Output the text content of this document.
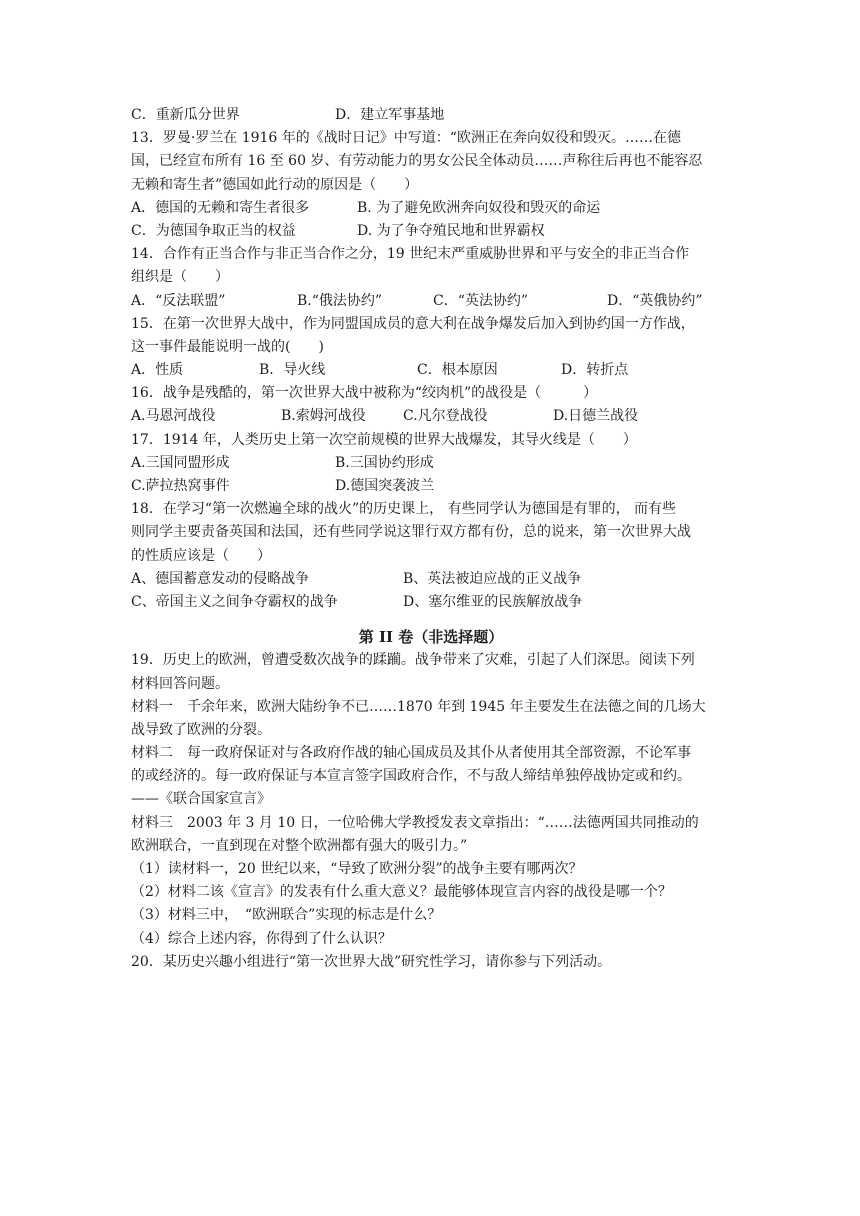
C．重新瓜分世界	D．建立军事基地
13．罗曼·罗兰在 1916 年的《战时日记》中写道：“欧洲正在奔向奴役和毁灭。……在德
国，已经宣布所有 16 至 60 岁、有劳动能力的男女公民全体动员……声称往后再也不能容忍
无赖和寄生者”德国如此行动的原因是（　　）
A．德国的无赖和寄生者很多	B. 为了避免欧洲奔向奴役和毁灭的命运
C．为德国争取正当的权益	D. 为了争夺殖民地和世界霸权
14．合作有正当合作与非正当合作之分，19 世纪末严重威胁世界和平与安全的非正当合作
组织是（　　）
A．“反法联盟”	B.“俄法协约”	C．“英法协约”	D．“英俄协约”
15．在第一次世界大战中，作为同盟国成员的意大利在战争爆发后加入到协约国一方作战，
这一事件最能说明一战的(　　)
A．性质	B．导火线	C．根本原因	D．转折点
16．战争是残酷的，第一次世界大战中被称为“绞肉机”的战役是（　　　）
A.马恩河战役	B.索姆河战役	C.凡尔登战役	D.日德兰战役
17．1914 年，人类历史上第一次空前规模的世界大战爆发，其导火线是（　　）
A.三国同盟形成	B.三国协约形成
C.萨拉热窝事件	D.德国突袭波兰
18．在学习“第一次燃遍全球的战火”的历史课上， 有些同学认为德国是有罪的， 而有些
则同学主要责备英国和法国，还有些同学说这罪行双方都有份，总的说来，第一次世界大战
的性质应该是（　　）
A、德国蓄意发动的侵略战争	B、英法被迫应战的正义战争
C、帝国主义之间争夺霸权的战争	D、塞尔维亚的民族解放战争
第 II 卷（非选择题）
19．历史上的欧洲，曾遭受数次战争的蹂躏。战争带来了灾难，引起了人们深思。阅读下列
材料回答问题。
材料一　千余年来，欧洲大陆纷争不已……1870 年到 1945 年主要发生在法德之间的几场大
战导致了欧洲的分裂。
材料二　每一政府保证对与各政府作战的轴心国成员及其仆从者使用其全部资源，不论军事
的或经济的。每一政府保证与本宣言签字国政府合作，不与敌人缔结单独停战协定或和约。
——《联合国家宣言》
材料三　2003 年 3 月 10 日，一位哈佛大学教授发表文章指出：“……法德两国共同推动的
欧洲联合，一直到现在对整个欧洲都有强大的吸引力。”
（1）读材料一，20 世纪以来，“导致了欧洲分裂”的战争主要有哪两次？
（2）材料二该《宣言》的发表有什么重大意义？最能够体现宣言内容的战役是哪一个？
（3）材料三中，　“欧洲联合”实现的标志是什么？
（4）综合上述内容，你得到了什么认识？
20．某历史兴趣小组进行“第一次世界大战”研究性学习，请你参与下列活动。
